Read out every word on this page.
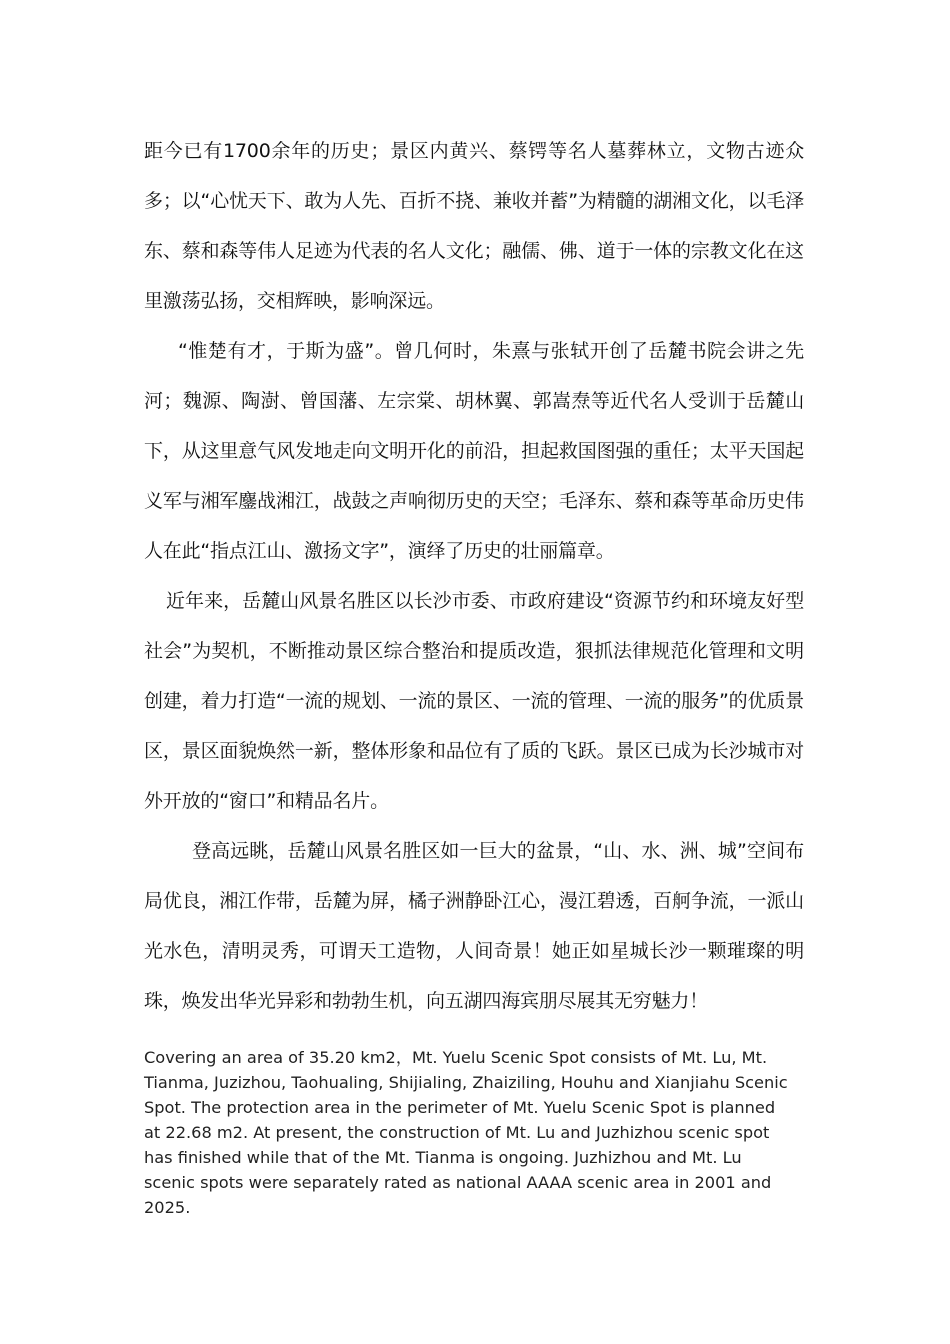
距今已有1700余年的历史；景区内黄兴、蔡锷等名人墓葬林立，文物古迹众多；以“心忧天下、敢为人先、百折不挠、兼收并蓄”为精髓的湖湘文化，以毛泽东、蔡和森等伟人足迹为代表的名人文化；融儒、佛、道于一体的宗教文化在这里激荡弘扬，交相辉映，影响深远。

“惟楚有才，于斯为盛”。曾几何时，朱熹与张轼开创了岳麓书院会讲之先河；魏源、陶澍、曾国藩、左宗棠、胡林翼、郭嵩焘等近代名人受训于岳麓山下，从这里意气风发地走向文明开化的前沿，担起救国图强的重任；太平天国起义军与湘军鏖战湘江，战鼓之声响彻历史的天空；毛泽东、蔡和森等革命历史伟人在此“指点江山、激扬文字”，演绎了历史的壮丽篇章。

近年来，岳麓山风景名胜区以长沙市委、市政府建设“资源节约和环境友好型社会”为契机，不断推动景区综合整治和提质改造，狠抓法律规范化管理和文明创建，着力打造“一流的规划、一流的景区、一流的管理、一流的服务”的优质景区，景区面貌焕然一新，整体形象和品位有了质的飞跃。景区已成为长沙城市对外开放的“窗口”和精品名片。

登高远眺，岳麓山风景名胜区如一巨大的盆景，“山、水、洲、城”空间布局优良，湘江作带，岳麓为屏，橘子洲静卧江心，漫江碧透，百舸争流，一派山光水色，清明灵秀，可谓天工造物，人间奇景！她正如星城长沙一颗璀璨的明珠，焕发出华光异彩和勃勃生机，向五湖四海宾朋尽展其无穷魅力！

Covering an area of 35.20 km2，Mt. Yuelu Scenic Spot consists of Mt. Lu, Mt. Tianma, Juzizhou, Taohualing, Shijialing, Zhaiziling, Houhu and Xianjiahu Scenic Spot. The protection area in the perimeter of Mt. Yuelu Scenic Spot is planned at 22.68 m2. At present, the construction of Mt. Lu and Juzhizhou scenic spot has finished while that of the Mt. Tianma is ongoing. Juzhizhou and Mt. Lu scenic spots were separately rated as national AAAA scenic area in 2001 and 2025.
